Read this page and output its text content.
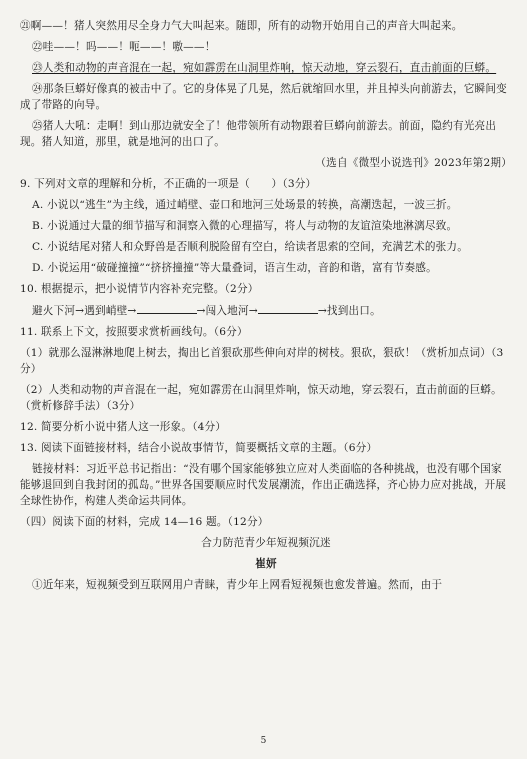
㉑啊——！猪人突然用尽全身力气大叫起来。随即，所有的动物开始用自己的声音大叫起来。

㉒哇——！吗——！呃——！嗷——！

㉓人类和动物的声音混在一起，宛如霹雳在山洞里炸响，惊天动地，穿云裂石，直击前面的巨蟒。

㉔那条巨蟒好像真的被击中了。它的身体晃了几晃，然后就缩回水里，并且掉头向前游去，它瞬间变成了带路的向导。

㉕猪人大吼：走啊！到山那边就安全了！他带领所有动物跟着巨蟒向前游去。前面，隐约有光亮出现。猪人知道，那里，就是地河的出口了。

（选自《微型小说选刊》2023年第2期）

9. 下列对文章的理解和分析，不正确的一项是（　　）（3分）

A. 小说以“逃生”为主线，通过峭壁、壶口和地河三处场景的转换，高潮迭起，一波三折。

B. 小说通过大量的细节描写和洞察入微的心理描写，将人与动物的友谊渲染地淋漓尽致。

C. 小说结尾对猪人和众野兽是否顺利脱险留有空白，给读者思索的空间，充满艺术的张力。

D. 小说运用“破碰撞撞”“挤挤撞撞”等大量叠词，语言生动，音韵和谐，富有节奏感。

10. 根据提示，把小说情节内容补充完整。（2分）

避火下河→遇到峭壁→	→闯入地河→	→找到出口。

11. 联系上下文，按照要求赏析画线句。（6分）

（1）就那么湿淋淋地爬上树去，掏出匕首狠砍那些伸向对岸的树枝。狠砍，狠砍！（赏析加点词）（3分）

（2）人类和动物的声音混在一起，宛如霹雳在山洞里炸响，惊天动地，穿云裂石，直击前面的巨蟒。（赏析修辞手法）（3分）

12. 简要分析小说中猪人这一形象。（4分）

13. 阅读下面链接材料，结合小说故事情节，简要概括文章的主题。（6分）

链接材料：习近平总书记指出：“没有哪个国家能够独立应对人类面临的各种挑战，也没有哪个国家能够退回到自我封闭的孤岛。”世界各国要顺应时代发展潮流，作出正确选择，齐心协力应对挑战，开展全球性协作，构建人类命运共同体。

（四）阅读下面的材料，完成 14—16 题。（12分）

合力防范青少年短视频沉迷

崔妍

①近年来，短视频受到互联网用户青睐，青少年上网看短视频也愈发普遍。然而，由于

5
